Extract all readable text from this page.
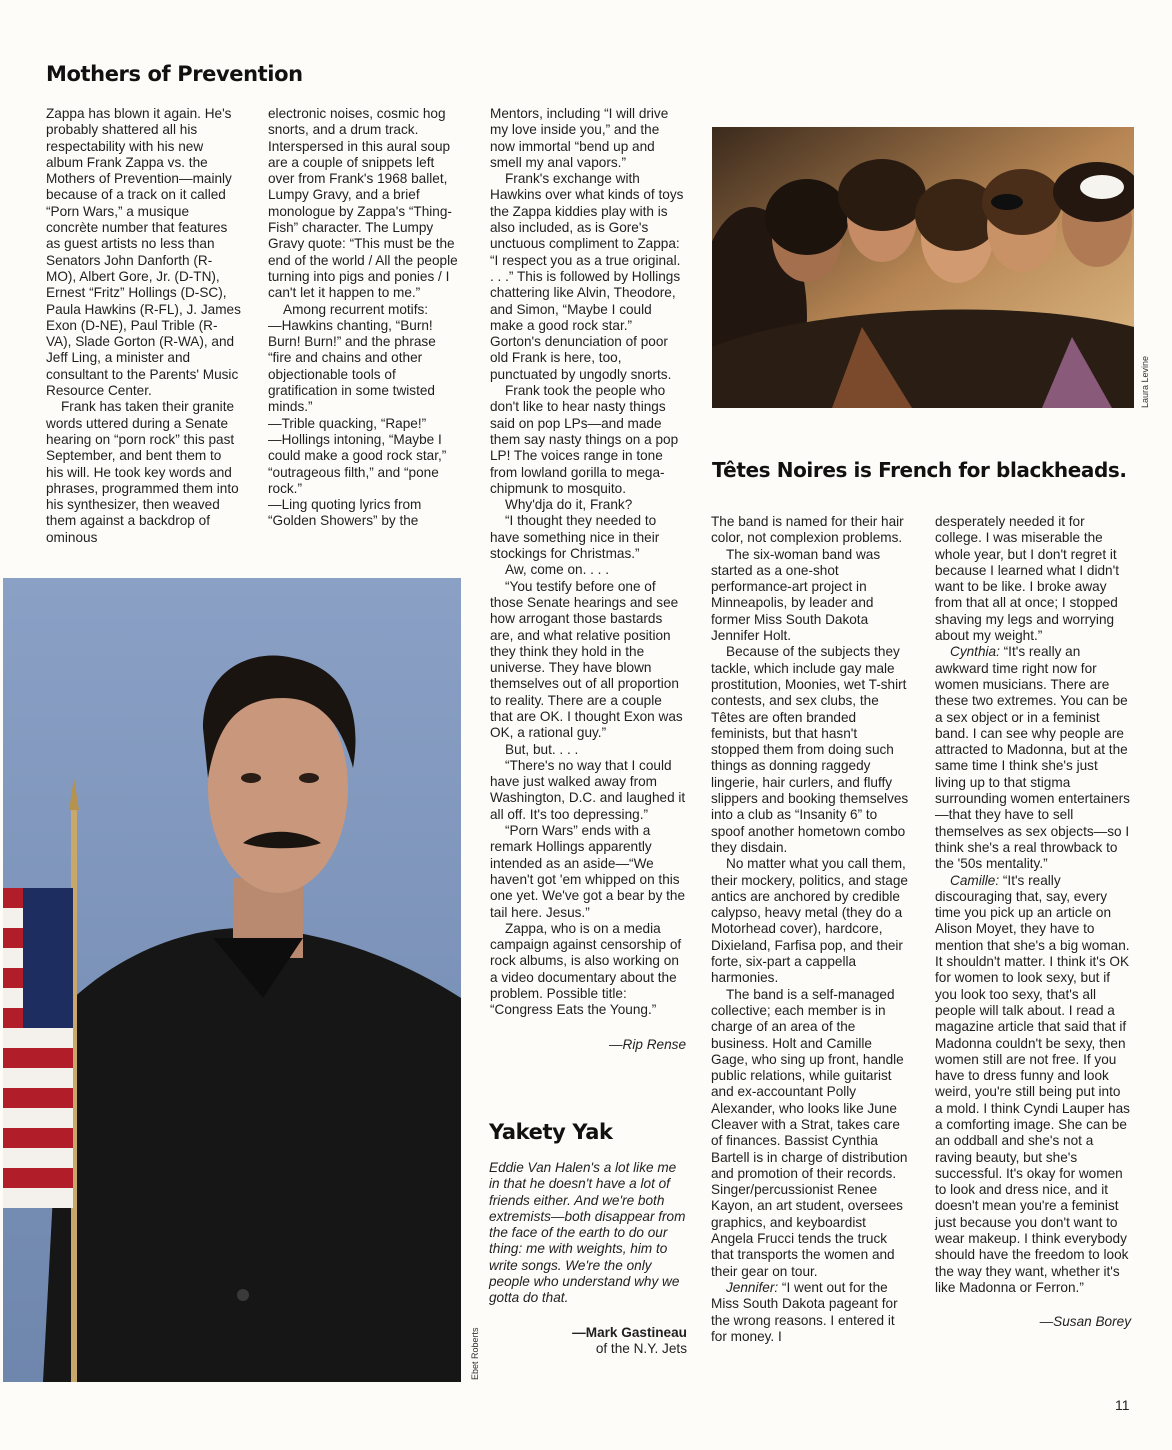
Mothers of Prevention

Zappa has blown it again. He's probably shattered all his respectability with his new album Frank Zappa vs. the Mothers of Prevention—mainly because of a track on it called “Porn Wars,” a musique concrète number that features as guest artists no less than Senators John Danforth (R-MO), Albert Gore, Jr. (D-TN), Ernest “Fritz” Hollings (D-SC), Paula Hawkins (R-FL), J. James Exon (D-NE), Paul Trible (R-VA), Slade Gorton (R-WA), and Jeff Ling, a minister and consultant to the Parents' Music Resource Center.

Frank has taken their granite words uttered during a Senate hearing on “porn rock” this past September, and bent them to his will. He took key words and phrases, programmed them into his synthesizer, then weaved them against a backdrop of ominous

electronic noises, cosmic hog snorts, and a drum track. Interspersed in this aural soup are a couple of snippets left over from Frank's 1968 ballet, Lumpy Gravy, and a brief monologue by Zappa's “Thing-Fish” character. The Lumpy Gravy quote: “This must be the end of the world / All the people turning into pigs and ponies / I can't let it happen to me.”

Among recurrent motifs:

—Hawkins chanting, “Burn! Burn! Burn!” and the phrase “fire and chains and other objectionable tools of gratification in some twisted minds.”

—Trible quacking, “Rape!”

—Hollings intoning, “Maybe I could make a good rock star,” “outrageous filth,” and “pone rock.”

—Ling quoting lyrics from “Golden Showers” by the

Mentors, including “I will drive my love inside you,” and the now immortal “bend up and smell my anal vapors.”

Frank's exchange with Hawkins over what kinds of toys the Zappa kiddies play with is also included, as is Gore's unctuous compliment to Zappa: “I respect you as a true original. . . .” This is followed by Hollings chattering like Alvin, Theodore, and Simon, “Maybe I could make a good rock star.” Gorton's denunciation of poor old Frank is here, too, punctuated by ungodly snorts.

Frank took the people who don't like to hear nasty things said on pop LPs—and made them say nasty things on a pop LP! The voices range in tone from lowland gorilla to mega-chipmunk to mosquito.

Why'dja do it, Frank?

“I thought they needed to have something nice in their stockings for Christmas.”

Aw, come on. . . .

“You testify before one of those Senate hearings and see how arrogant those bastards are, and what relative position they think they hold in the universe. They have blown themselves out of all proportion to reality. There are a couple that are OK. I thought Exon was OK, a rational guy.”

But, but. . . .

“There's no way that I could have just walked away from Washington, D.C. and laughed it all off. It's too depressing.”

“Porn Wars” ends with a remark Hollings apparently intended as an aside—“We haven't got 'em whipped on this one yet. We've got a bear by the tail here. Jesus.”

Zappa, who is on a media campaign against censorship of rock albums, is also working on a video documentary about the problem. Possible title: “Congress Eats the Young.”

—Rip Rense

Ebet Roberts
Yakety Yak

Eddie Van Halen's a lot like me in that he doesn't have a lot of friends either. And we're both extremists—both disappear from the face of the earth to do our thing: me with weights, him to write songs. We're the only people who understand why we gotta do that.

—Mark Gastineau

of the N.Y. Jets

Laura Levine
Têtes Noires is French for blackheads.

The band is named for their hair color, not complexion problems.

The six-woman band was started as a one-shot performance-art project in Minneapolis, by leader and former Miss South Dakota Jennifer Holt.

Because of the subjects they tackle, which include gay male prostitution, Moonies, wet T-shirt contests, and sex clubs, the Têtes are often branded feminists, but that hasn't stopped them from doing such things as donning raggedy lingerie, hair curlers, and fluffy slippers and booking themselves into a club as “Insanity 6” to spoof another hometown combo they disdain.

No matter what you call them, their mockery, politics, and stage antics are anchored by credible calypso, heavy metal (they do a Motorhead cover), hardcore, Dixieland, Farfisa pop, and their forte, six-part a cappella harmonies.

The band is a self-managed collective; each member is in charge of an area of the business. Holt and Camille Gage, who sing up front, handle public relations, while guitarist and ex-accountant Polly Alexander, who looks like June Cleaver with a Strat, takes care of finances. Bassist Cynthia Bartell is in charge of distribution and promotion of their records. Singer/percussionist Renee Kayon, an art student, oversees graphics, and keyboardist Angela Frucci tends the truck that transports the women and their gear on tour.

Jennifer: “I went out for the Miss South Dakota pageant for the wrong reasons. I entered it for money. I

desperately needed it for college. I was miserable the whole year, but I don't regret it because I learned what I didn't want to be like. I broke away from that all at once; I stopped shaving my legs and worrying about my weight.”

Cynthia: “It's really an awkward time right now for women musicians. There are these two extremes. You can be a sex object or in a feminist band. I can see why people are attracted to Madonna, but at the same time I think she's just living up to that stigma surrounding women entertainers—that they have to sell themselves as sex objects—so I think she's a real throwback to the '50s mentality.”

Camille: “It's really discouraging that, say, every time you pick up an article on Alison Moyet, they have to mention that she's a big woman. It shouldn't matter. I think it's OK for women to look sexy, but if you look too sexy, that's all people will talk about. I read a magazine article that said that if Madonna couldn't be sexy, then women still are not free. If you have to dress funny and look weird, you're still being put into a mold. I think Cyndi Lauper has a comforting image. She can be an oddball and she's not a raving beauty, but she's successful. It's okay for women to look and dress nice, and it doesn't mean you're a feminist just because you don't want to wear makeup. I think everybody should have the freedom to look the way they want, whether it's like Madonna or Ferron.”

—Susan Borey

11
